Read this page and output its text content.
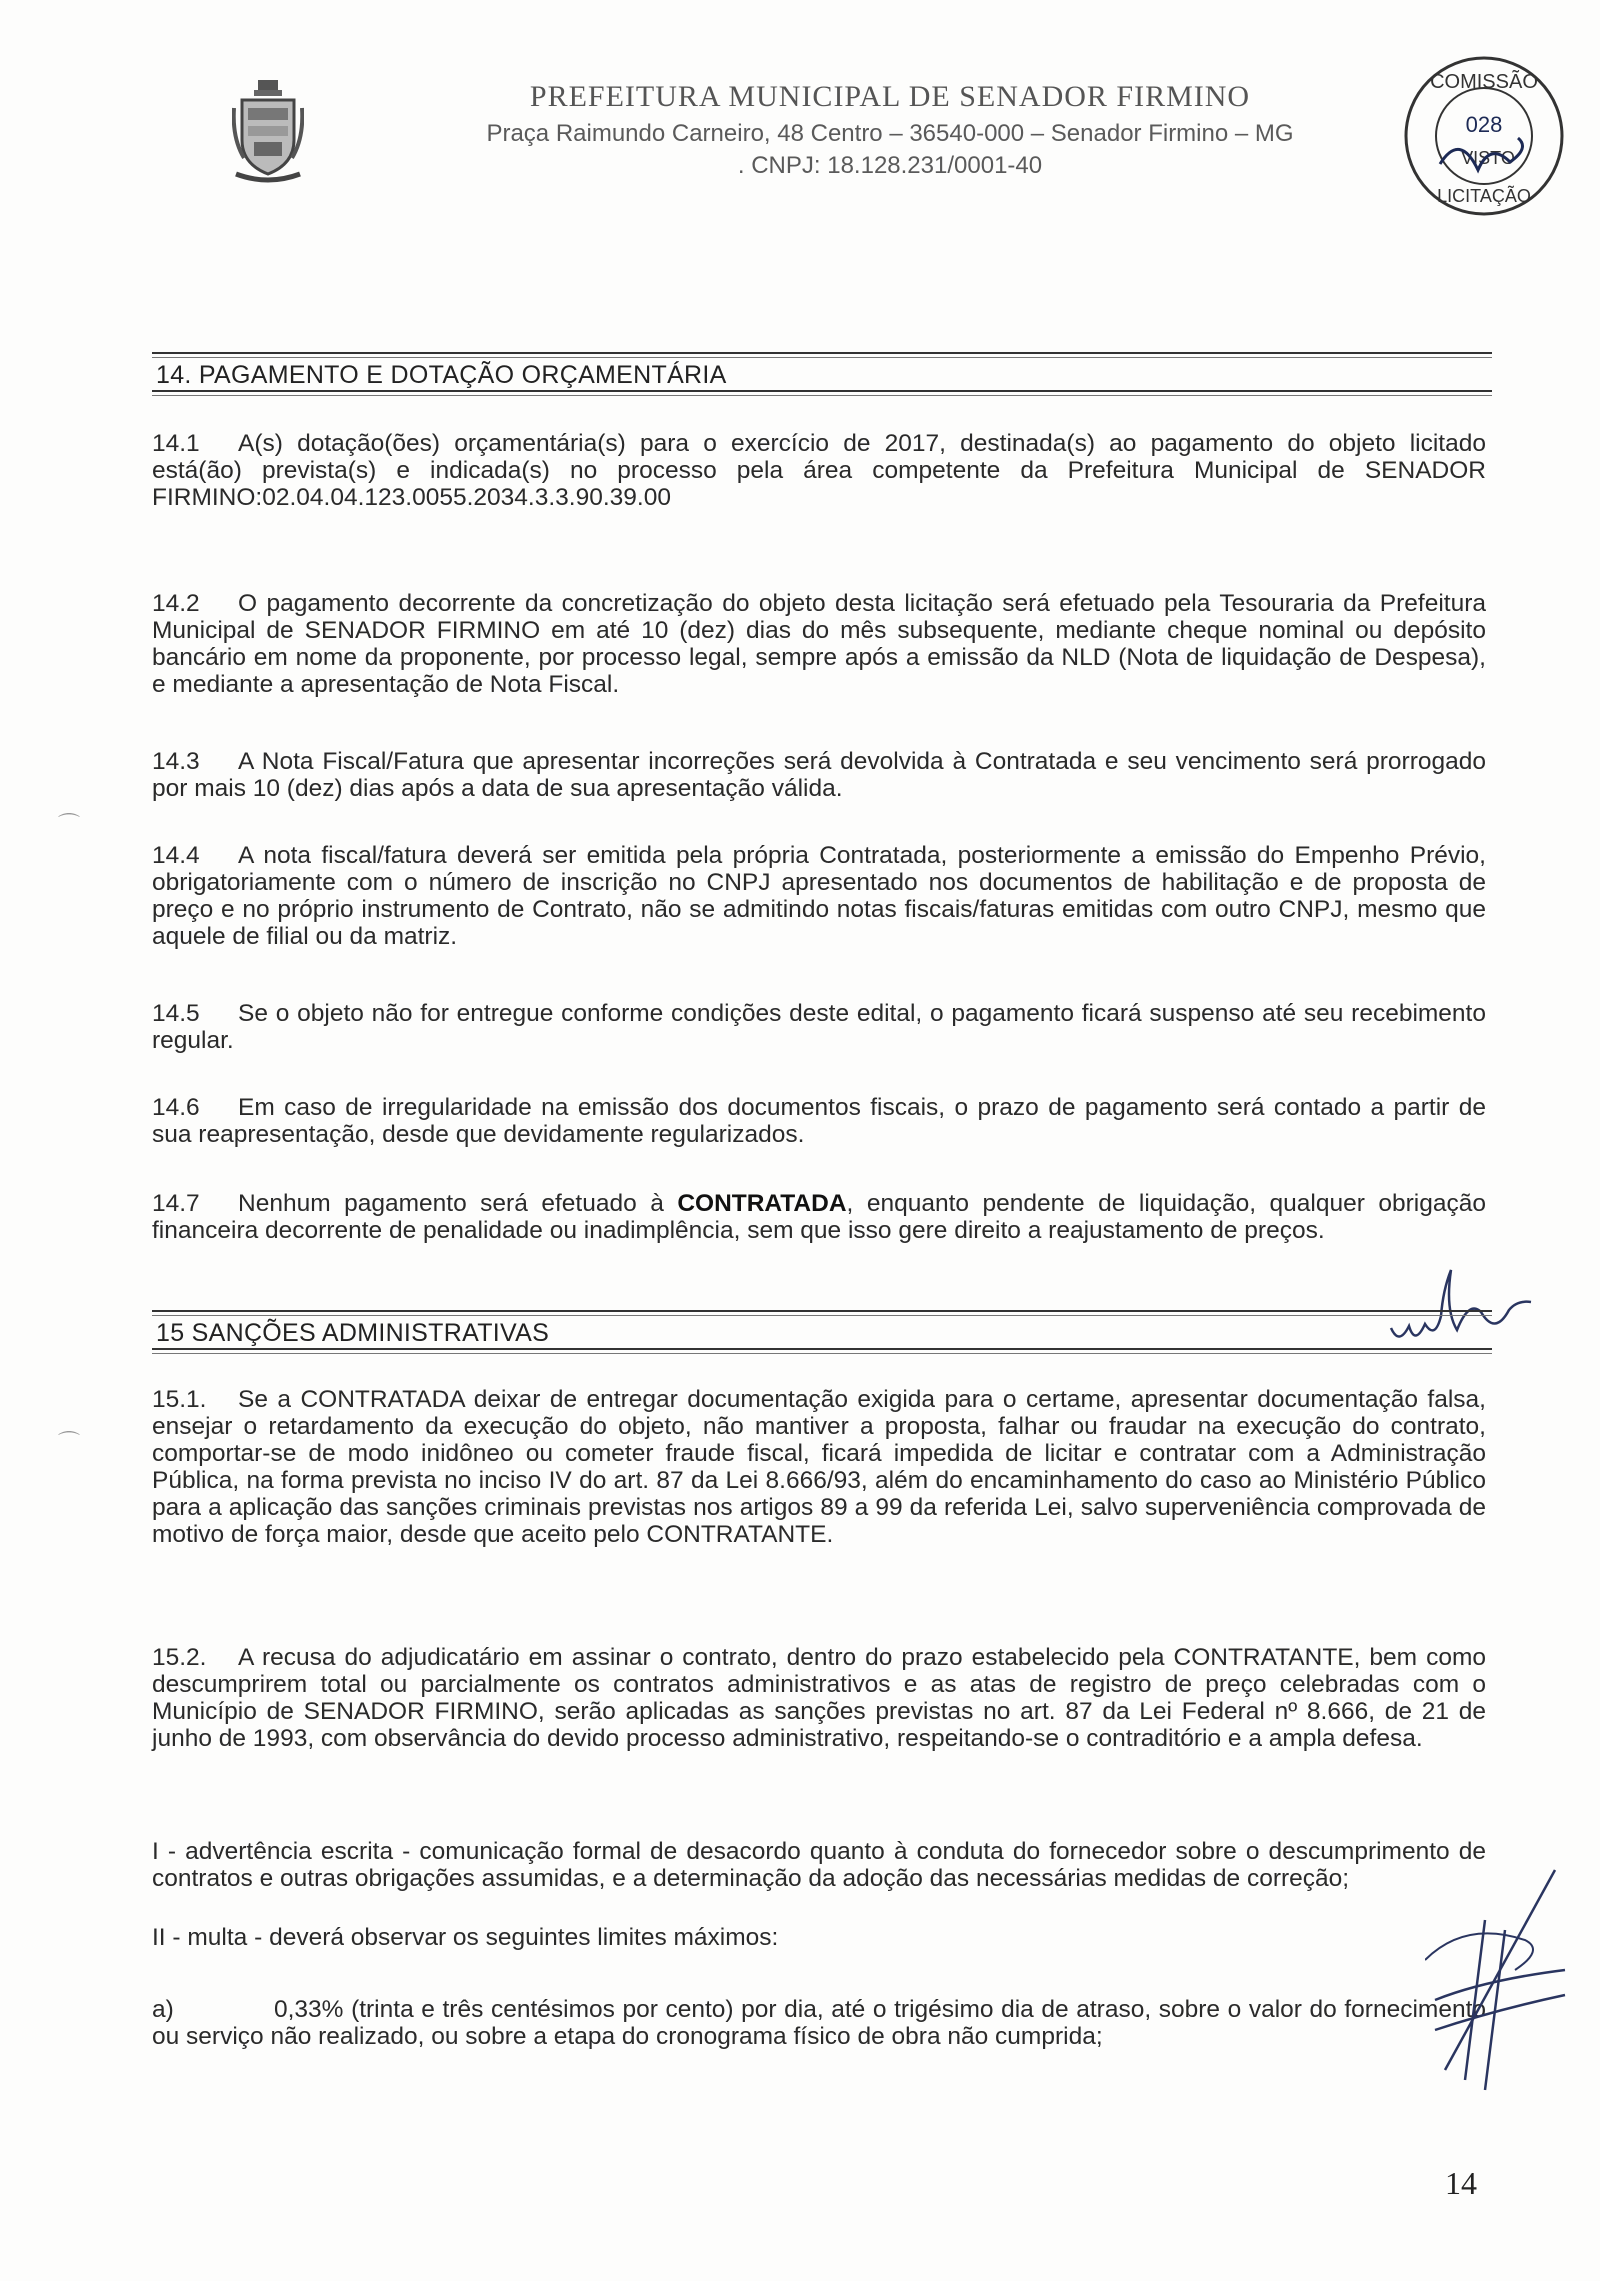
PREFEITURA MUNICIPAL DE SENADOR FIRMINO
Praça Raimundo Carneiro, 48 Centro – 36540-000 – Senador Firmino – MG
. CNPJ: 18.128.231/0001-40
COMISSÃO
028
VISTO
LICITAÇÃO
14. PAGAMENTO E DOTAÇÃO ORÇAMENTÁRIA
14.1 A(s) dotação(ões) orçamentária(s) para o exercício de 2017, destinada(s) ao pagamento do objeto licitado está(ão) prevista(s) e indicada(s) no processo pela área competente da Prefeitura Municipal de SENADOR FIRMINO:02.04.04.123.0055.2034.3.3.90.39.00
14.2 O pagamento decorrente da concretização do objeto desta licitação será efetuado pela Tesouraria da Prefeitura Municipal de SENADOR FIRMINO em até 10 (dez) dias do mês subsequente, mediante cheque nominal ou depósito bancário em nome da proponente, por processo legal, sempre após a emissão da NLD (Nota de liquidação de Despesa), e mediante a apresentação de Nota Fiscal.
14.3 A Nota Fiscal/Fatura que apresentar incorreções será devolvida à Contratada e seu vencimento será prorrogado por mais 10 (dez) dias após a data de sua apresentação válida.
14.4 A nota fiscal/fatura deverá ser emitida pela própria Contratada, posteriormente a emissão do Empenho Prévio, obrigatoriamente com o número de inscrição no CNPJ apresentado nos documentos de habilitação e de proposta de preço e no próprio instrumento de Contrato, não se admitindo notas fiscais/faturas emitidas com outro CNPJ, mesmo que aquele de filial ou da matriz.
14.5 Se o objeto não for entregue conforme condições deste edital, o pagamento ficará suspenso até seu recebimento regular.
14.6 Em caso de irregularidade na emissão dos documentos fiscais, o prazo de pagamento será contado a partir de sua reapresentação, desde que devidamente regularizados.
14.7 Nenhum pagamento será efetuado à CONTRATADA, enquanto pendente de liquidação, qualquer obrigação financeira decorrente de penalidade ou inadimplência, sem que isso gere direito a reajustamento de preços.
15 SANÇÕES ADMINISTRATIVAS
15.1. Se a CONTRATADA deixar de entregar documentação exigida para o certame, apresentar documentação falsa, ensejar o retardamento da execução do objeto, não mantiver a proposta, falhar ou fraudar na execução do contrato, comportar-se de modo inidôneo ou cometer fraude fiscal, ficará impedida de licitar e contratar com a Administração Pública, na forma prevista no inciso IV do art. 87 da Lei 8.666/93, além do encaminhamento do caso ao Ministério Público para a aplicação das sanções criminais previstas nos artigos 89 a 99 da referida Lei, salvo superveniência comprovada de motivo de força maior, desde que aceito pelo CONTRATANTE.
15.2. A recusa do adjudicatário em assinar o contrato, dentro do prazo estabelecido pela CONTRATANTE, bem como descumprirem total ou parcialmente os contratos administrativos e as atas de registro de preço celebradas com o Município de SENADOR FIRMINO, serão aplicadas as sanções previstas no art. 87 da Lei Federal nº 8.666, de 21 de junho de 1993, com observância do devido processo administrativo, respeitando-se o contraditório e a ampla defesa.
I - advertência escrita - comunicação formal de desacordo quanto à conduta do fornecedor sobre o descumprimento de contratos e outras obrigações assumidas, e a determinação da adoção das necessárias medidas de correção;
II - multa - deverá observar os seguintes limites máximos:
a)	0,33% (trinta e três centésimos por cento) por dia, até o trigésimo dia de atraso, sobre o valor do fornecimento ou serviço não realizado, ou sobre a etapa do cronograma físico de obra não cumprida;
14
⌒
⌒
